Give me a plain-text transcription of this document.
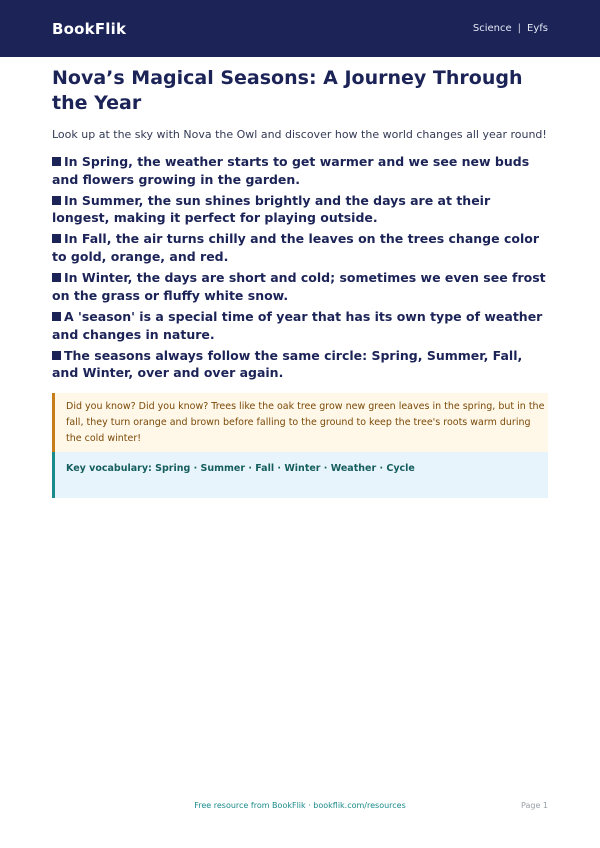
BookFlik	Science | Eyfs
Nova’s Magical Seasons: A Journey Through the Year

Look up at the sky with Nova the Owl and discover how the world changes all year round!

In Spring, the weather starts to get warmer and we see new buds and flowers growing in the garden.
In Summer, the sun shines brightly and the days are at their longest, making it perfect for playing outside.
In Fall, the air turns chilly and the leaves on the trees change color to gold, orange, and red.
In Winter, the days are short and cold; sometimes we even see frost on the grass or fluffy white snow.
A 'season' is a special time of year that has its own type of weather and changes in nature.
The seasons always follow the same circle: Spring, Summer, Fall, and Winter, over and over again.
Did you know? Did you know? Trees like the oak tree grow new green leaves in the spring, but in the fall, they turn orange and brown before falling to the ground to keep the tree's roots warm during the cold winter!
Key vocabulary: Spring · Summer · Fall · Winter · Weather · Cycle
Free resource from BookFlik · bookflik.com/resources	Page 1
